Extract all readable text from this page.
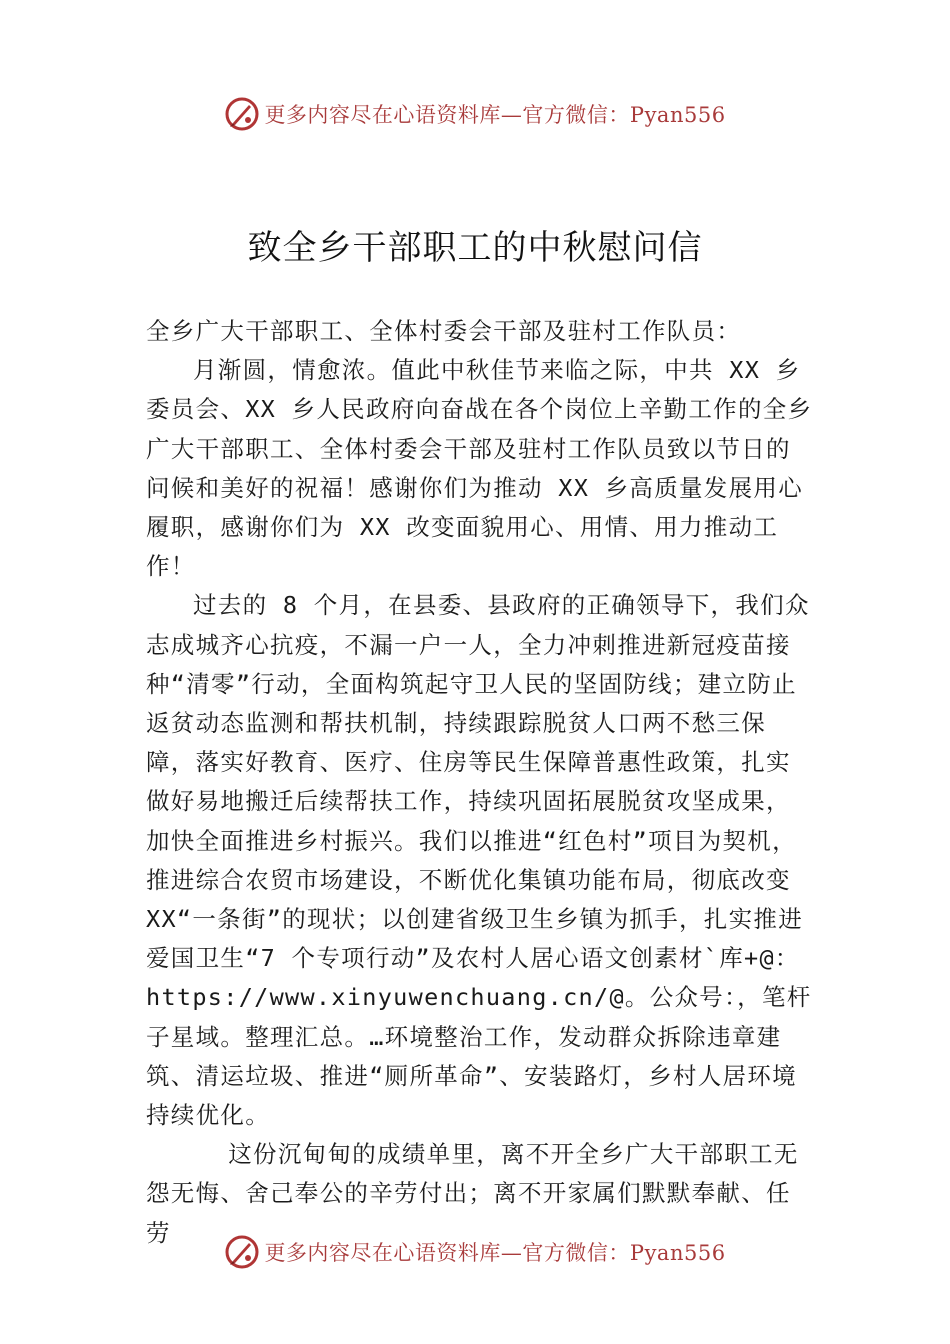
更多内容尽在心语资料库—官方微信：Pyan556
致全乡干部职工的中秋慰问信

全乡广大干部职工、全体村委会干部及驻村工作队员：

月渐圆，情愈浓。值此中秋佳节来临之际，中共 XX 乡委员会、XX 乡人民政府向奋战在各个岗位上辛勤工作的全乡广大干部职工、全体村委会干部及驻村工作队员致以节日的问候和美好的祝福！感谢你们为推动 XX 乡高质量发展用心履职，感谢你们为 XX 改变面貌用心、用情、用力推动工作！

过去的 8 个月，在县委、县政府的正确领导下，我们众志成城齐心抗疫，不漏一户一人，全力冲刺推进新冠疫苗接种“清零”行动，全面构筑起守卫人民的坚固防线；建立防止返贫动态监测和帮扶机制，持续跟踪脱贫人口两不愁三保障，落实好教育、医疗、住房等民生保障普惠性政策，扎实做好易地搬迁后续帮扶工作，持续巩固拓展脱贫攻坚成果， 加快全面推进乡村振兴。我们以推进“红色村”项目为契机， 推进综合农贸市场建设，不断优化集镇功能布局，彻底改变XX“一条街”的现状；以创建省级卫生乡镇为抓手，扎实推进爱国卫生“7 个专项行动”及农村人居心语文创素材`库+@：https://www.xinyuwenchuang.cn/@。公众号：，笔杆子星域。整理汇总。…环境整治工作，发动群众拆除违章建筑、清运垃圾、推进“厕所革命”、安装路灯，乡村人居环境持续优化。

这份沉甸甸的成绩单里，离不开全乡广大干部职工无怨无悔、舍己奉公的辛劳付出；离不开家属们默默奉献、任劳

更多内容尽在心语资料库—官方微信：Pyan556
